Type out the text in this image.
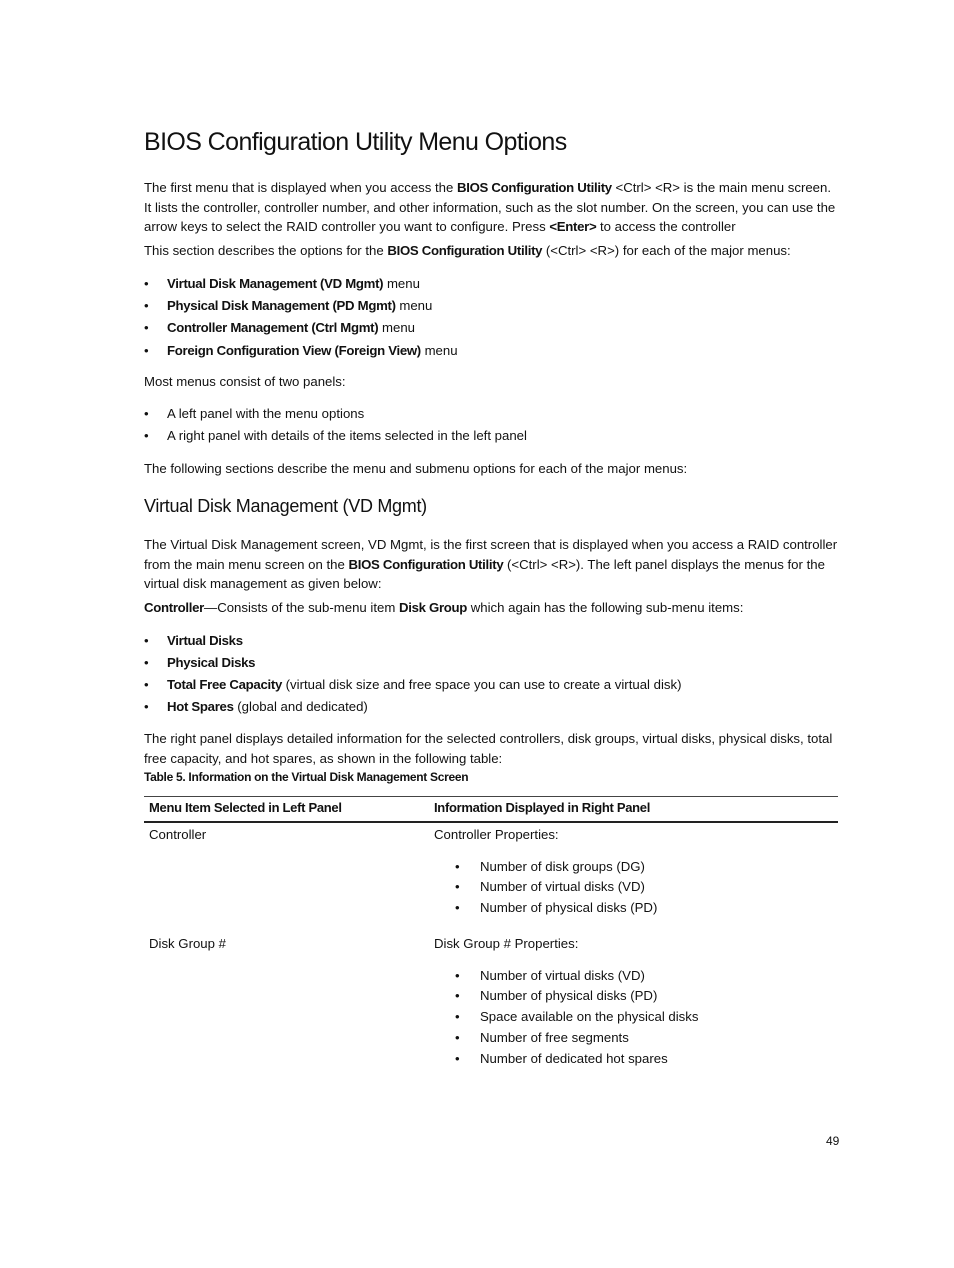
BIOS Configuration Utility Menu Options

The first menu that is displayed when you access the BIOS Configuration Utility <Ctrl> <R> is the main menu screen. It lists the controller, controller number, and other information, such as the slot number. On the screen, you can use the arrow keys to select the RAID controller you want to configure. Press <Enter> to access the controller

This section describes the options for the BIOS Configuration Utility (<Ctrl> <R>) for each of the major menus:

• Virtual Disk Management (VD Mgmt) menu
• Physical Disk Management (PD Mgmt) menu
• Controller Management (Ctrl Mgmt) menu
• Foreign Configuration View (Foreign View) menu

Most menus consist of two panels:

• A left panel with the menu options
• A right panel with details of the items selected in the left panel

The following sections describe the menu and submenu options for each of the major menus:

Virtual Disk Management (VD Mgmt)

The Virtual Disk Management screen, VD Mgmt, is the first screen that is displayed when you access a RAID controller from the main menu screen on the BIOS Configuration Utility (<Ctrl> <R>). The left panel displays the menus for the virtual disk management as given below:

Controller—Consists of the sub-menu item Disk Group which again has the following sub-menu items:

• Virtual Disks
• Physical Disks
• Total Free Capacity (virtual disk size and free space you can use to create a virtual disk)
• Hot Spares (global and dedicated)

The right panel displays detailed information for the selected controllers, disk groups, virtual disks, physical disks, total free capacity, and hot spares, as shown in the following table:

Table 5. Information on the Virtual Disk Management Screen
Menu Item Selected in Left Panel	Information Displayed in Right Panel
Controller	Controller Properties:
• Number of disk groups (DG)
• Number of virtual disks (VD)
• Number of physical disks (PD)
Disk Group #	Disk Group # Properties:
• Number of virtual disks (VD)
• Number of physical disks (PD)
• Space available on the physical disks
• Number of free segments
• Number of dedicated hot spares
49
